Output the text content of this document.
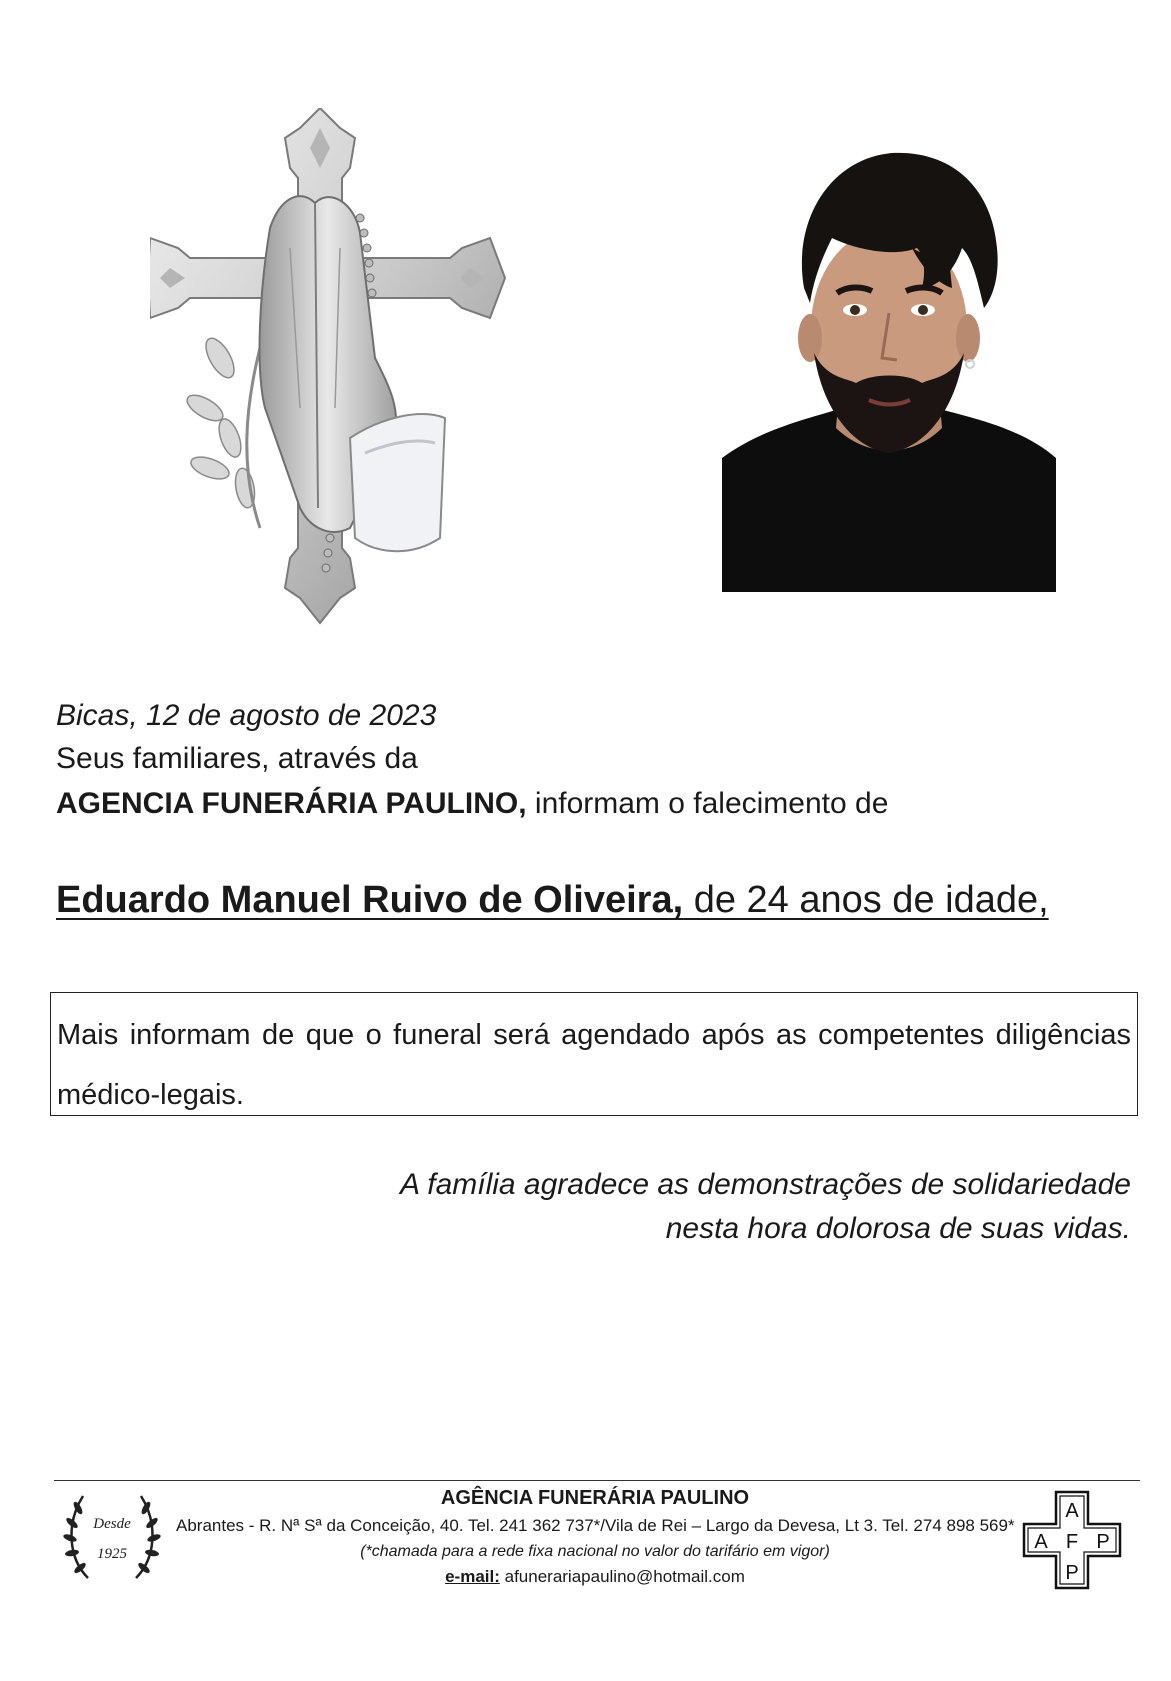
Bicas, 12 de agosto de 2023
Seus familiares, através da
AGENCIA FUNERÁRIA PAULINO, informam o falecimento de
Eduardo Manuel Ruivo de Oliveira, de 24 anos de idade,
Mais informam de que o funeral será agendado após as competentes diligências médico-legais.
A família agradece as demonstrações de solidariedade
nesta hora dolorosa de suas vidas.
Desde
1925
AGÊNCIA FUNERÁRIA PAULINO
Abrantes - R. Nª Sª da Conceição, 40. Tel. 241 362 737*/Vila de Rei – Largo da Devesa, Lt 3. Tel. 274 898 569*
(*chamada para a rede fixa nacional no valor do tarifário em vigor)
e-mail: afunerariapaulino@hotmail.com
A
A F P
P
